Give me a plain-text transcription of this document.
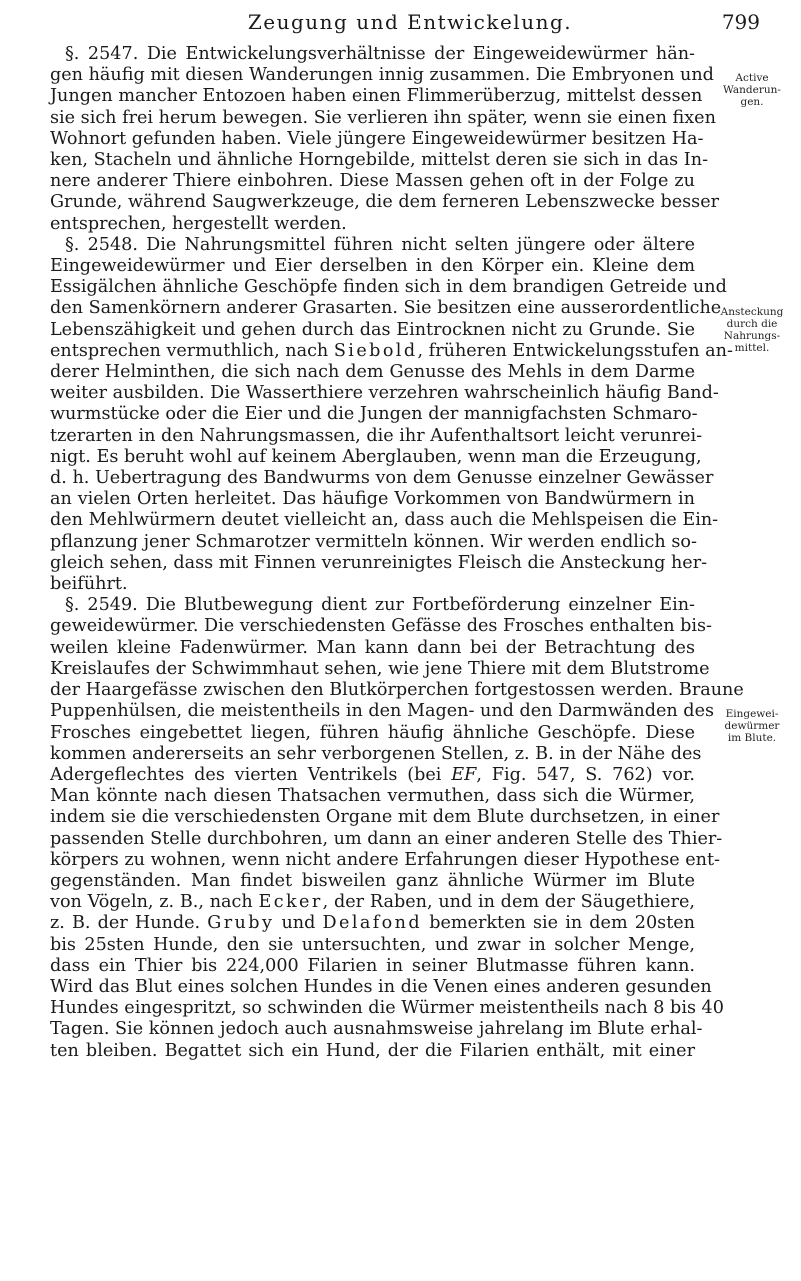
Zeugung und Entwickelung.	799
Active
Wanderun-
gen.
Ansteckung
durch die
Nahrungs-
mittel.
Eingewei-
dewürmer
im Blute.
§. 2547. Die Entwickelungsverhältnisse der Eingeweidewürmer hän-
gen häufig mit diesen Wanderungen innig zusammen. Die Embryonen und
Jungen mancher Entozoen haben einen Flimmerüberzug, mittelst dessen
sie sich frei herum bewegen. Sie verlieren ihn später, wenn sie einen fixen
Wohnort gefunden haben. Viele jüngere Eingeweidewürmer besitzen Ha-
ken, Stacheln und ähnliche Horngebilde, mittelst deren sie sich in das In-
nere anderer Thiere einbohren. Diese Massen gehen oft in der Folge zu
Grunde, während Saugwerkzeuge, die dem ferneren Lebenszwecke besser
entsprechen, hergestellt werden.
§. 2548. Die Nahrungsmittel führen nicht selten jüngere oder ältere
Eingeweidewürmer und Eier derselben in den Körper ein. Kleine dem
Essigälchen ähnliche Geschöpfe finden sich in dem brandigen Getreide und
den Samenkörnern anderer Grasarten. Sie besitzen eine ausserordentliche
Lebenszähigkeit und gehen durch das Eintrocknen nicht zu Grunde. Sie
entsprechen vermuthlich, nach Siebold, früheren Entwickelungsstufen an-
derer Helminthen, die sich nach dem Genusse des Mehls in dem Darme
weiter ausbilden. Die Wasserthiere verzehren wahrscheinlich häufig Band-
wurmstücke oder die Eier und die Jungen der mannigfachsten Schmaro-
tzerarten in den Nahrungsmassen, die ihr Aufenthaltsort leicht verunrei-
nigt. Es beruht wohl auf keinem Aberglauben, wenn man die Erzeugung,
d. h. Uebertragung des Bandwurms von dem Genusse einzelner Gewässer
an vielen Orten herleitet. Das häufige Vorkommen von Bandwürmern in
den Mehlwürmern deutet vielleicht an, dass auch die Mehlspeisen die Ein-
pflanzung jener Schmarotzer vermitteln können. Wir werden endlich so-
gleich sehen, dass mit Finnen verunreinigtes Fleisch die Ansteckung her-
beiführt.
§. 2549. Die Blutbewegung dient zur Fortbeförderung einzelner Ein-
geweidewürmer. Die verschiedensten Gefässe des Frosches enthalten bis-
weilen kleine Fadenwürmer. Man kann dann bei der Betrachtung des
Kreislaufes der Schwimmhaut sehen, wie jene Thiere mit dem Blutstrome
der Haargefässe zwischen den Blutkörperchen fortgestossen werden. Braune
Puppenhülsen, die meistentheils in den Magen- und den Darmwänden des
Frosches eingebettet liegen, führen häufig ähnliche Geschöpfe. Diese
kommen andererseits an sehr verborgenen Stellen, z. B. in der Nähe des
Adergeflechtes des vierten Ventrikels (bei EF, Fig. 547, S. 762) vor.
Man könnte nach diesen Thatsachen vermuthen, dass sich die Würmer,
indem sie die verschiedensten Organe mit dem Blute durchsetzen, in einer
passenden Stelle durchbohren, um dann an einer anderen Stelle des Thier-
körpers zu wohnen, wenn nicht andere Erfahrungen dieser Hypothese ent-
gegenständen. Man findet bisweilen ganz ähnliche Würmer im Blute
von Vögeln, z. B., nach Ecker, der Raben, und in dem der Säugethiere,
z. B. der Hunde. Gruby und Delafond bemerkten sie in dem 20sten
bis 25sten Hunde, den sie untersuchten, und zwar in solcher Menge,
dass ein Thier bis 224,000 Filarien in seiner Blutmasse führen kann.
Wird das Blut eines solchen Hundes in die Venen eines anderen gesunden
Hundes eingespritzt, so schwinden die Würmer meistentheils nach 8 bis 40
Tagen. Sie können jedoch auch ausnahmsweise jahrelang im Blute erhal-
ten bleiben. Begattet sich ein Hund, der die Filarien enthält, mit einer
